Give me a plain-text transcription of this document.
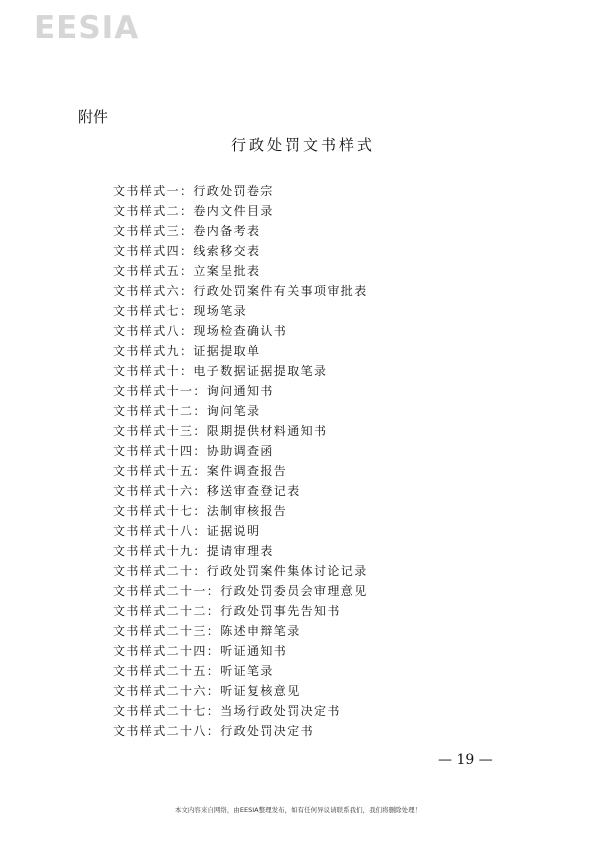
EESIA
附件
行政处罚文书样式
文书样式一：行政处罚卷宗
文书样式二：卷内文件目录
文书样式三：卷内备考表
文书样式四：线索移交表
文书样式五：立案呈批表
文书样式六：行政处罚案件有关事项审批表
文书样式七：现场笔录
文书样式八：现场检查确认书
文书样式九：证据提取单
文书样式十：电子数据证据提取笔录
文书样式十一：询问通知书
文书样式十二：询问笔录
文书样式十三：限期提供材料通知书
文书样式十四：协助调查函
文书样式十五：案件调查报告
文书样式十六：移送审查登记表
文书样式十七：法制审核报告
文书样式十八：证据说明
文书样式十九：提请审理表
文书样式二十：行政处罚案件集体讨论记录
文书样式二十一：行政处罚委员会审理意见
文书样式二十二：行政处罚事先告知书
文书样式二十三：陈述申辩笔录
文书样式二十四：听证通知书
文书样式二十五：听证笔录
文书样式二十六：听证复核意见
文书样式二十七：当场行政处罚决定书
文书样式二十八：行政处罚决定书
— 19 —
本文内容来自网络，由EESIA整理发布，如有任何异议请联系我们，我们将删除处理！
